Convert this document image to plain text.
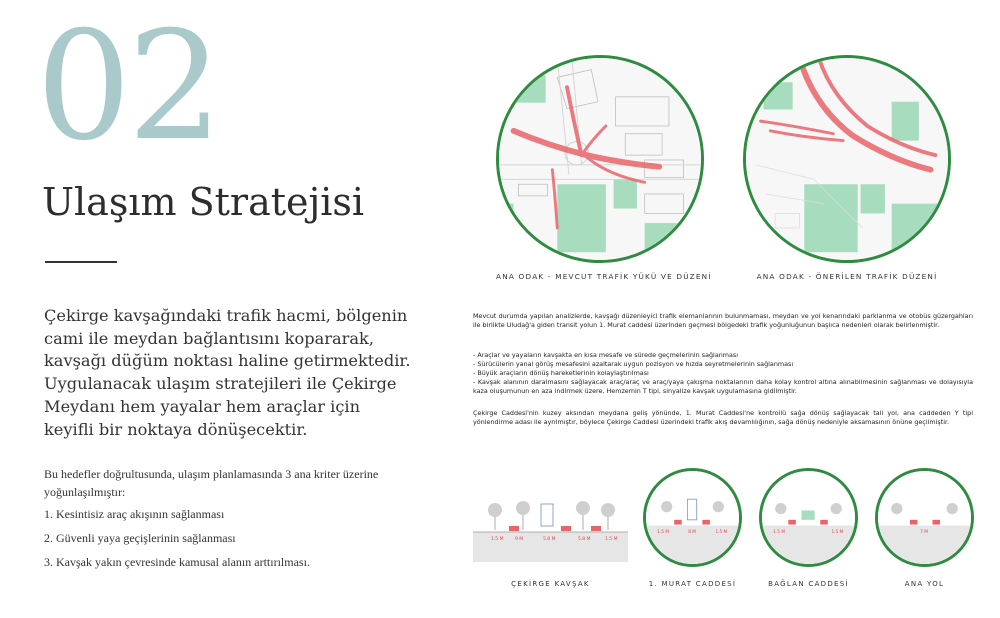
02
Ulaşım Stratejisi

Çekirge kavşağındaki trafik hacmi, bölgenin cami ile meydan bağlantısını kopararak, kavşağı düğüm noktası haline getirmektedir. Uygulanacak ulaşım stratejileri ile Çekirge Meydanı hem yayalar hem araçlar için keyifli bir noktaya dönüşecektir.

Bu hedefler doğrultusunda, ulaşım planlamasında 3 ana kriter üzerine yoğunlaşılmıştır:

1. Kesintisiz araç akışının sağlanması

2. Güvenli yaya geçişlerinin sağlanması

3. Kavşak yakın çevresinde kamusal alanın arttırılması.

ANA ODAK - MEVCUT TRAFİK YÜKÜ VE DÜZENİ	ANA ODAK - ÖNERİLEN TRAFİK DÜZENİ

Mevcut durumda yapılan analizlerde, kavşağı düzenleyici trafik elemanlarının bulunmaması, meydan ve yol kenarındaki parklanma ve otobüs güzergahları ile birlikte Uludağ'a giden transit yolun 1. Murat caddesi üzerinden geçmesi bölgedeki trafik yoğunluğunun başlıca nedenleri olarak belirlenmiştir.

- Araçlar ve yayaların kavşakta en kısa mesafe ve sürede geçmelerinin sağlanması

- Sürücülerin yanal görüş mesafesini azaltarak uygun pozisyon ve hızda seyretmelerinin sağlanması

- Büyük araçların dönüş hareketlerinin kolaylaştırılması

- Kavşak alanının daralmasını sağlayacak araç/araç ve araç/yaya çakışma noktalarının daha kolay kontrol altına alınabilmesinin sağlanması ve dolayısıyla kaza oluşumunun en aza indirmek üzere, Hemzemin T tipi, sinyalize kavşak uygulamasına gidilmiştir.

Çekirge Caddesi'nin kuzey aksından meydana geliş yönünde, 1. Murat Caddesi'ne kontrollü sağa dönüş sağlayacak tali yol, ana caddeden Y tipi yönlendirme adası ile ayrılmıştır, böylece Çekirge Caddesi üzerindeki trafik akış devamlılığının, sağa dönüş nedeniyle aksamasının önüne geçilmiştir.

1.5 M	9 M	5.8 M	5.8 M	1.5 M
ÇEKİRGE KAVŞAK
1.5 M	8 M	1.5 M
1. MURAT CADDESİ
1.5 M	1.5 M
BAĞLAN CADDESİ
7 M
ANA YOL
